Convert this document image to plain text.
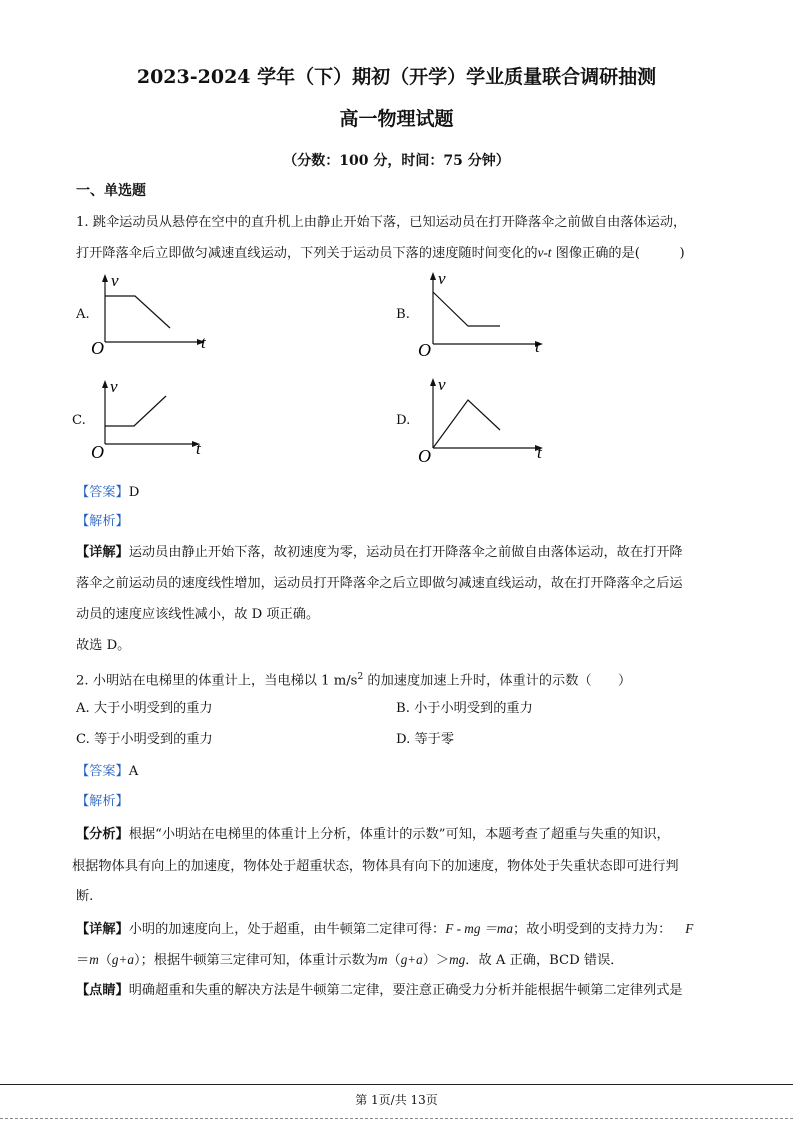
2023-2024 学年（下）期初（开学）学业质量联合调研抽测
高一物理试题
（分数：100 分，时间：75 分钟）
一、单选题
1. 跳伞运动员从悬停在空中的直升机上由静止开始下落，已知运动员在打开降落伞之前做自由落体运动，
打开降落伞后立即做匀减速直线运动，下列关于运动员下落的速度随时间变化的v-t 图像正确的是(　　　)
A.
v
t
O
B.
v
t
O
C.
v
t
O
D.
v
t
O
【答案】D
【解析】
【详解】运动员由静止开始下落，故初速度为零，运动员在打开降落伞之前做自由落体运动，故在打开降
落伞之前运动员的速度线性增加，运动员打开降落伞之后立即做匀减速直线运动，故在打开降落伞之后运
动员的速度应该线性减小，故 D 项正确。
故选 D。
2. 小明站在电梯里的体重计上，当电梯以 1 $m/s^2$ 的加速度加速上升时，体重计的示数（　　）
A. 大于小明受到的重力	B. 小于小明受到的重力
C. 等于小明受到的重力	D. 等于零
【答案】A
【解析】
【分析】根据“小明站在电梯里的体重计上分析，体重计的示数”可知，本题考查了超重与失重的知识，
根据物体具有向上的加速度，物体处于超重状态，物体具有向下的加速度，物体处于失重状态即可进行判
断.
【详解】小明的加速度向上，处于超重，由牛顿第二定律可得：F - mg ＝ma；故小明受到的支持力为： F
＝m（g+a）；根据牛顿第三定律可知，体重计示数为m（g+a）＞mg．故 A 正确，BCD 错误．
【点睛】明确超重和失重的解决方法是牛顿第二定律，要注意正确受力分析并能根据牛顿第二定律列式是
第 1页/共 13页
